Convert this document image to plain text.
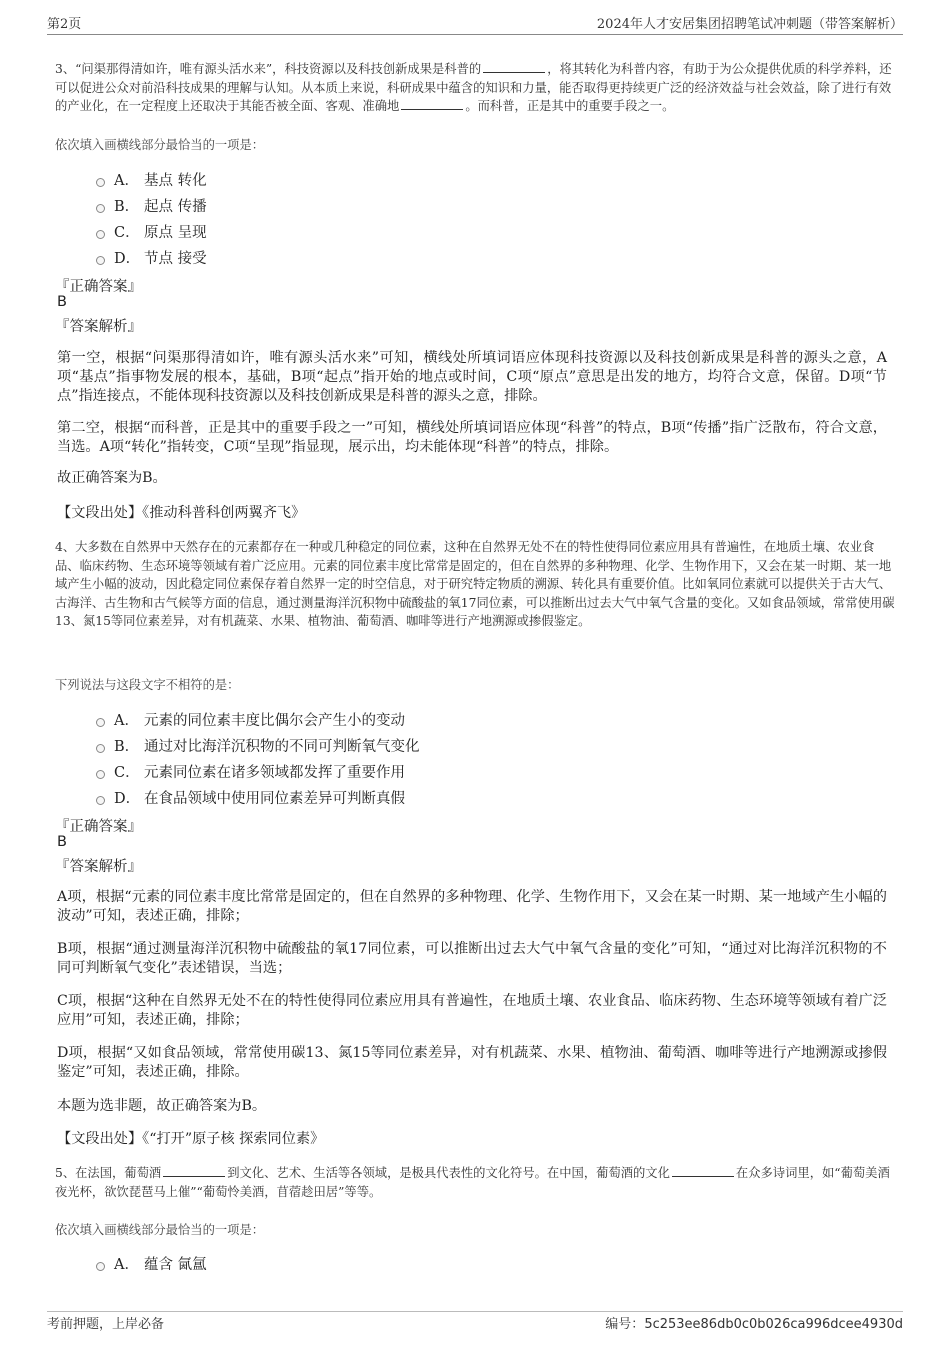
第2页	2024年人才安居集团招聘笔试冲刺题（带答案解析）

3、“问渠那得清如许，唯有源头活水来”，科技资源以及科技创新成果是科普的	，将其转化为科普内容，有助于为公众提供优质的科学养料，还可以促进公众对前沿科技成果的理解与认知。从本质上来说，科研成果中蕴含的知识和力量，能否取得更持续更广泛的经济效益与社会效益，除了进行有效的产业化，在一定程度上还取决于其能否被全面、客观、准确地	。而科普，正是其中的重要手段之一。

依次填入画横线部分最恰当的一项是：

A． 基点 转化
B． 起点 传播
C． 原点 呈现
D． 节点 接受

『正确答案』

B

『答案解析』

第一空，根据“问渠那得清如许，唯有源头活水来”可知，横线处所填词语应体现科技资源以及科技创新成果是科普的源头之意，A项“基点”指事物发展的根本，基础，B项“起点”指开始的地点或时间，C项“原点”意思是出发的地方，均符合文意，保留。D项“节点”指连接点，不能体现科技资源以及科技创新成果是科普的源头之意，排除。

第二空，根据“而科普，正是其中的重要手段之一”可知，横线处所填词语应体现“科普”的特点，B项“传播”指广泛散布，符合文意，当选。A项“转化”指转变，C项“呈现”指显现，展示出，均未能体现“科普”的特点，排除。

故正确答案为B。

【文段出处】《推动科普科创两翼齐飞》

4、大多数在自然界中天然存在的元素都存在一种或几种稳定的同位素，这种在自然界无处不在的特性使得同位素应用具有普遍性，在地质土壤、农业食品、临床药物、生态环境等领域有着广泛应用。元素的同位素丰度比常常是固定的，但在自然界的多种物理、化学、生物作用下，又会在某一时期、某一地域产生小幅的波动，因此稳定同位素保存着自然界一定的时空信息，对于研究特定物质的溯源、转化具有重要价值。比如氧同位素就可以提供关于古大气、古海洋、古生物和古气候等方面的信息，通过测量海洋沉积物中硫酸盐的氧17同位素，可以推断出过去大气中氧气含量的变化。又如食品领域，常常使用碳13、氮15等同位素差异，对有机蔬菜、水果、植物油、葡萄酒、咖啡等进行产地溯源或掺假鉴定。

下列说法与这段文字不相符的是：

A． 元素的同位素丰度比偶尔会产生小的变动
B． 通过对比海洋沉积物的不同可判断氧气变化
C． 元素同位素在诸多领域都发挥了重要作用
D． 在食品领域中使用同位素差异可判断真假

『正确答案』

B

『答案解析』

A项，根据“元素的同位素丰度比常常是固定的，但在自然界的多种物理、化学、生物作用下，又会在某一时期、某一地域产生小幅的波动”可知，表述正确，排除；

B项，根据“通过测量海洋沉积物中硫酸盐的氧17同位素，可以推断出过去大气中氧气含量的变化”可知，“通过对比海洋沉积物的不同可判断氧气变化”表述错误，当选；

C项，根据“这种在自然界无处不在的特性使得同位素应用具有普遍性，在地质土壤、农业食品、临床药物、生态环境等领域有着广泛应用”可知，表述正确，排除；

D项，根据“又如食品领域，常常使用碳13、氮15等同位素差异，对有机蔬菜、水果、植物油、葡萄酒、咖啡等进行产地溯源或掺假鉴定”可知，表述正确，排除。

本题为选非题，故正确答案为B。

【文段出处】《“打开”原子核 探索同位素》

5、在法国，葡萄酒	到文化、艺术、生活等各领域，是极具代表性的文化符号。在中国，葡萄酒的文化	在众多诗词里，如“葡萄美酒夜光杯，欲饮琵琶马上催”“葡萄怜美酒，苜蓿趁田居”等等。

依次填入画横线部分最恰当的一项是：

A． 蕴含 氤氲
考前押题，上岸必备	编号：5c253ee86db0c0b026ca996dcee4930d
